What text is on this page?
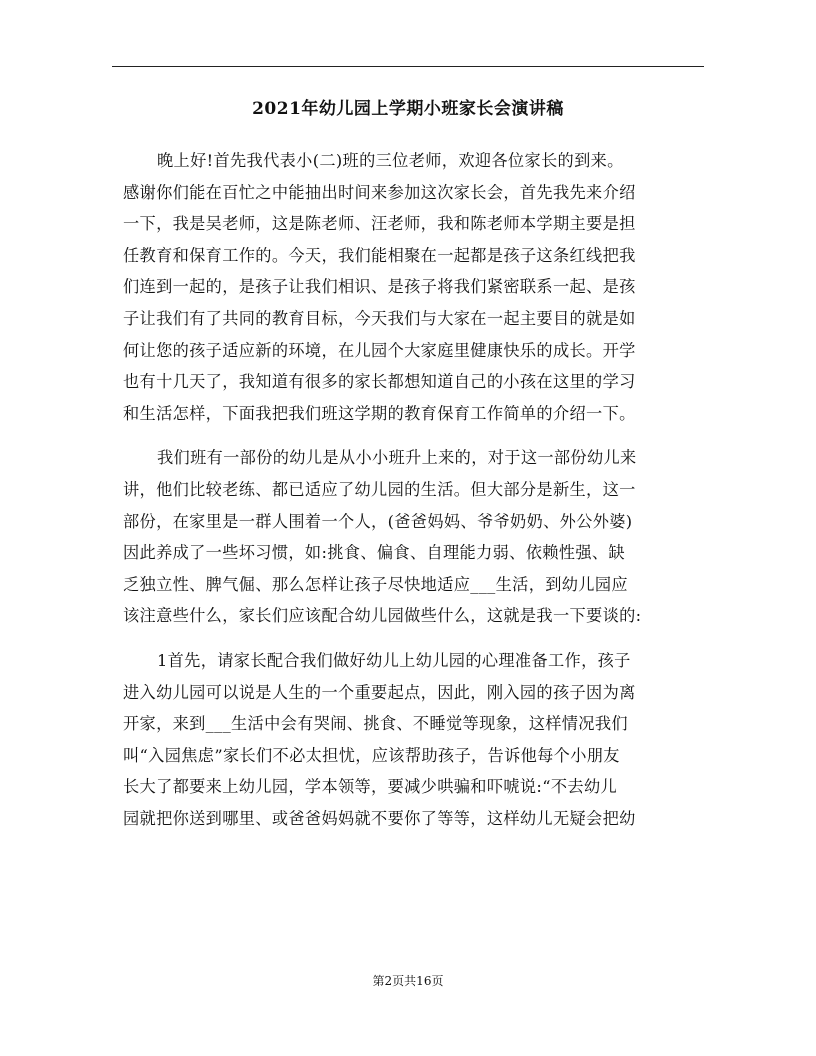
2021年幼儿园上学期小班家长会演讲稿
晚上好!首先我代表小(二)班的三位老师，欢迎各位家长的到来。
感谢你们能在百忙之中能抽出时间来参加这次家长会，首先我先来介绍
一下，我是吴老师，这是陈老师、汪老师，我和陈老师本学期主要是担
任教育和保育工作的。今天，我们能相聚在一起都是孩子这条红线把我
们连到一起的，是孩子让我们相识、是孩子将我们紧密联系一起、是孩
子让我们有了共同的教育目标，今天我们与大家在一起主要目的就是如
何让您的孩子适应新的环境，在儿园个大家庭里健康快乐的成长。开学
也有十几天了，我知道有很多的家长都想知道自己的小孩在这里的学习
和生活怎样，下面我把我们班这学期的教育保育工作简单的介绍一下。
我们班有一部份的幼儿是从小小班升上来的，对于这一部份幼儿来
讲，他们比较老练、都已适应了幼儿园的生活。但大部分是新生，这一
部份，在家里是一群人围着一个人，(爸爸妈妈、爷爷奶奶、外公外婆)
因此养成了一些坏习惯，如:挑食、偏食、自理能力弱、依赖性强、缺
乏独立性、脾气倔、那么怎样让孩子尽快地适应___生活，到幼儿园应
该注意些什么，家长们应该配合幼儿园做些什么，这就是我一下要谈的:
1首先，请家长配合我们做好幼儿上幼儿园的心理准备工作，孩子
进入幼儿园可以说是人生的一个重要起点，因此，刚入园的孩子因为离
开家，来到___生活中会有哭闹、挑食、不睡觉等现象，这样情况我们
叫“入园焦虑”家长们不必太担忧，应该帮助孩子，告诉他每个小朋友
长大了都要来上幼儿园，学本领等，要减少哄骗和吓唬说:“不去幼儿
园就把你送到哪里、或爸爸妈妈就不要你了等等，这样幼儿无疑会把幼
第2页共16页
